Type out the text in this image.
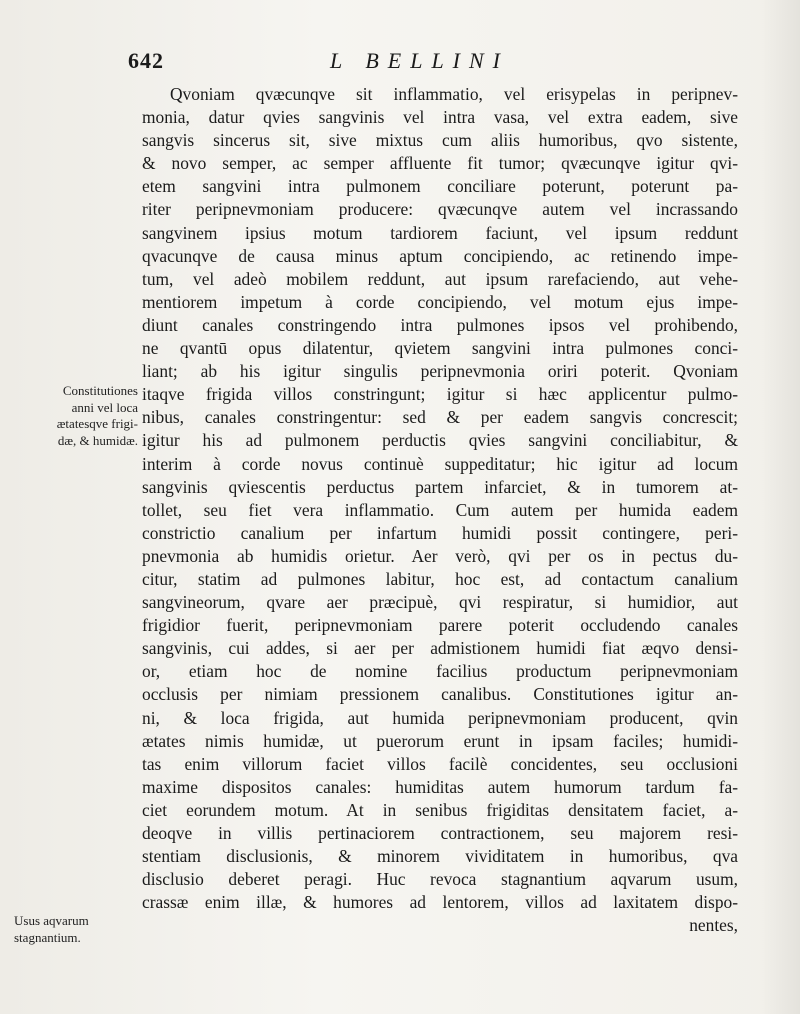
642	L BELLINI
Constitutiones
anni vel loca
ætatesqve frigi-
dæ, & humidæ.
Usus aqvarum
stagnantium.
Qvoniam qvæcunqve sit inflammatio, vel erisypelas in peripnev-
monia, datur qvies sangvinis vel intra vasa, vel extra eadem, sive
sangvis sincerus sit, sive mixtus cum aliis humoribus, qvo sistente,
& novo semper, ac semper affluente fit tumor; qvæcunqve igitur qvi-
etem sangvini intra pulmonem conciliare poterunt, poterunt pa-
riter peripnevmoniam producere: qvæcunqve autem vel incrassando
sangvinem ipsius motum tardiorem faciunt, vel ipsum reddunt
qvacunqve de causa minus aptum concipiendo, ac retinendo impe-
tum, vel adeò mobilem reddunt, aut ipsum rarefaciendo, aut vehe-
mentiorem impetum à corde concipiendo, vel motum ejus impe-
diunt canales constringendo intra pulmones ipsos vel prohibendo,
ne qvantū opus dilatentur, qvietem sangvini intra pulmones conci-
liant; ab his igitur singulis peripnevmonia oriri poterit. Qvoniam
itaqve frigida villos constringunt; igitur si hæc applicentur pulmo-
nibus, canales constringentur: sed & per eadem sangvis concrescit;
igitur his ad pulmonem perductis qvies sangvini conciliabitur, &
interim à corde novus continuè suppeditatur; hic igitur ad locum
sangvinis qviescentis perductus partem infarciet, & in tumorem at-
tollet, seu fiet vera inflammatio. Cum autem per humida eadem
constrictio canalium per infartum humidi possit contingere, peri-
pnevmonia ab humidis orietur. Aer verò, qvi per os in pectus du-
citur, statim ad pulmones labitur, hoc est, ad contactum canalium
sangvineorum, qvare aer præcipuè, qvi respiratur, si humidior, aut
frigidior fuerit, peripnevmoniam parere poterit occludendo canales
sangvinis, cui addes, si aer per admistionem humidi fiat æqvo densi-
or, etiam hoc de nomine facilius productum peripnevmoniam
occlusis per nimiam pressionem canalibus. Constitutiones igitur an-
ni, & loca frigida, aut humida peripnevmoniam producent, qvin
ætates nimis humidæ, ut puerorum erunt in ipsam faciles; humidi-
tas enim villorum faciet villos facilè concidentes, seu occlusioni
maxime dispositos canales: humiditas autem humorum tardum fa-
ciet eorundem motum. At in senibus frigiditas densitatem faciet, a-
deoqve in villis pertinaciorem contractionem, seu majorem resi-
stentiam disclusionis, & minorem vividitatem in humoribus, qva
disclusio deberet peragi. Huc revoca stagnantium aqvarum usum,
crassæ enim illæ, & humores ad lentorem, villos ad laxitatem dispo-
nentes,
